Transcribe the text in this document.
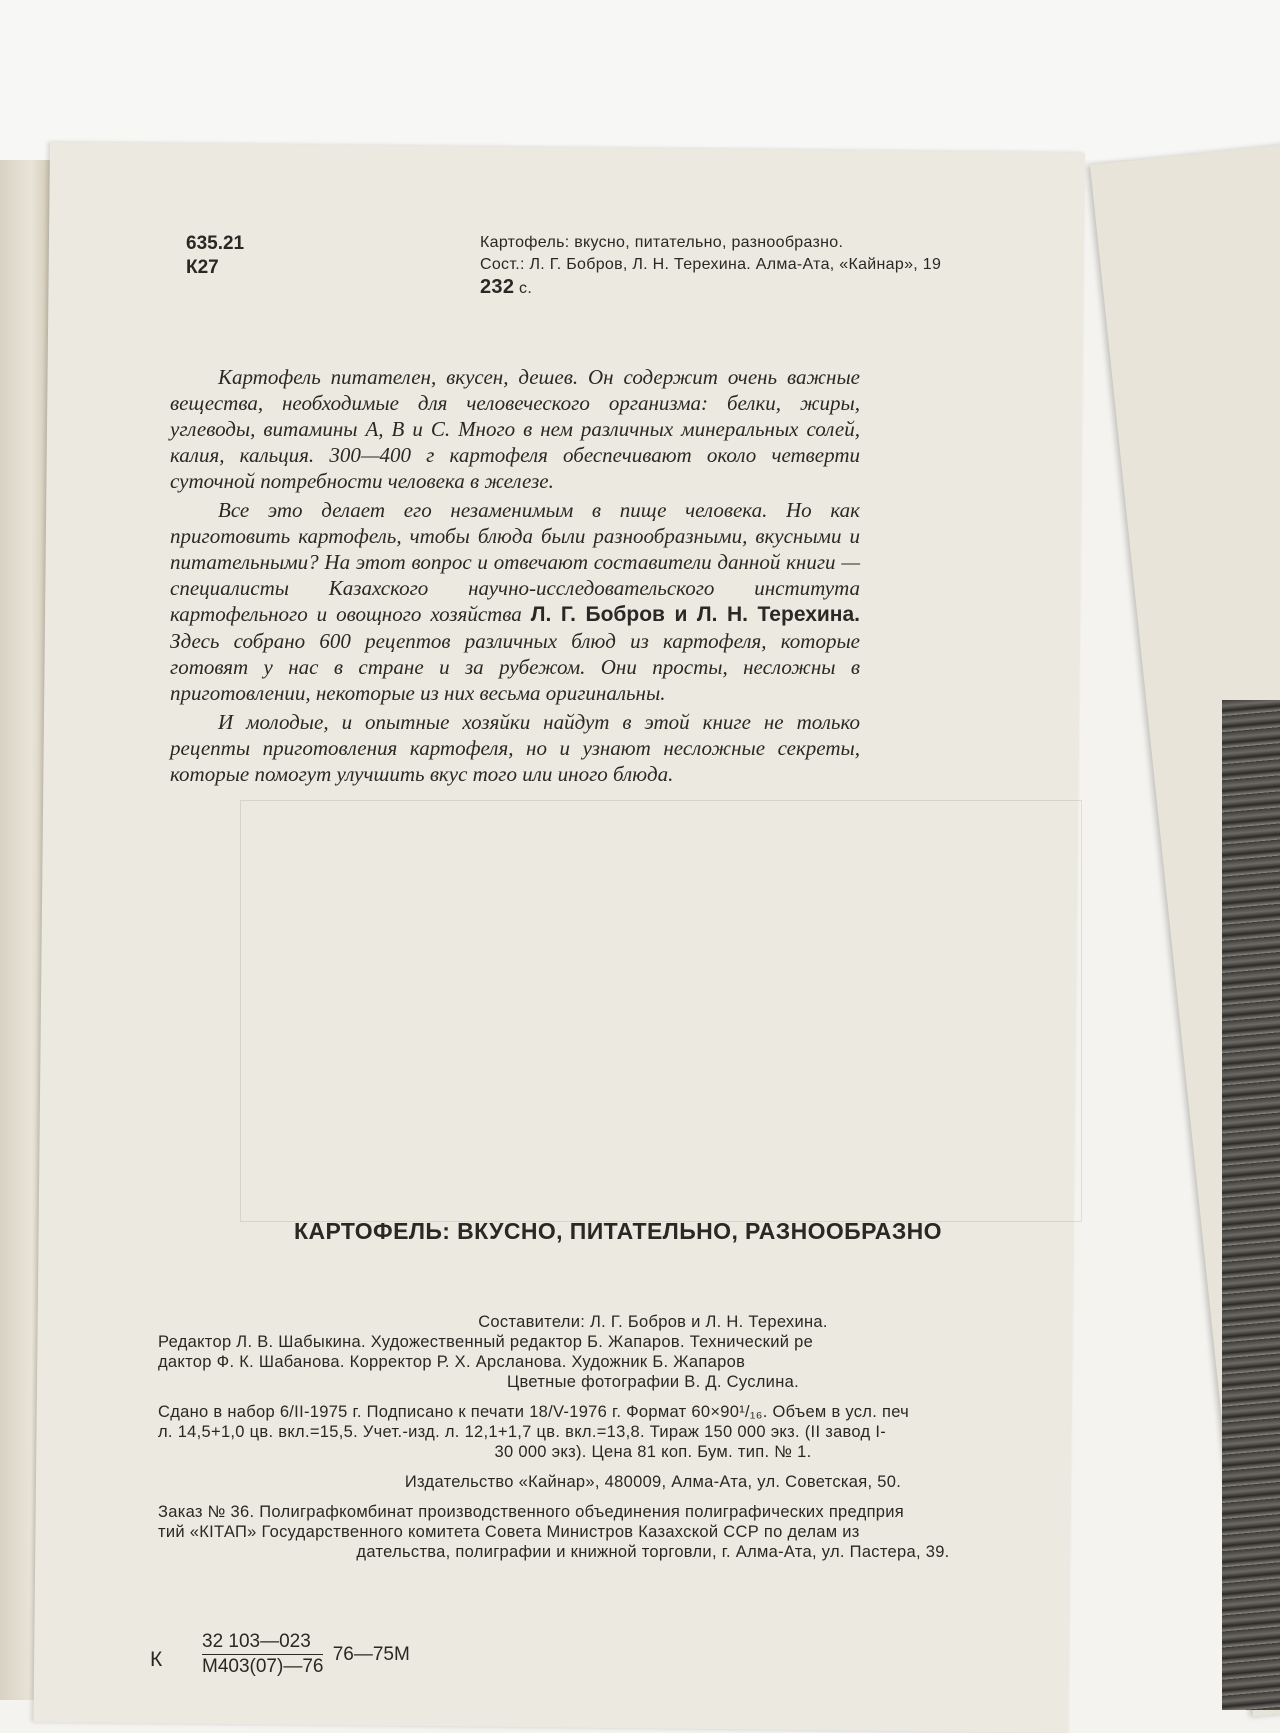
635.21
К27
Картофель: вкусно, питательно, разнообразно.
Сост.: Л. Г. Бобров, Л. Н. Терехина. Алма-Ата, «Кайнар», 19
232 с.

Картофель питателен, вкусен, дешев. Он содержит очень важные вещества, необходимые для человеческого организма: белки, жиры, углеводы, витамины А, В и С. Много в нем различных минеральных солей, калия, кальция. 300—400 г картофеля обеспечивают около четверти суточной потребности человека в железе.

Все это делает его незаменимым в пище человека. Но как приготовить картофель, чтобы блюда были разнообразными, вкусными и питательными? На этот вопрос и отвечают составители данной книги — специалисты Казахского научно-исследовательского института картофельного и овощного хозяйства Л. Г. Бобров и Л. Н. Терехина. Здесь собрано 600 рецептов различных блюд из картофеля, которые готовят у нас в стране и за рубежом. Они просты, несложны в приготовлении, некоторые из них весьма оригинальны.

И молодые, и опытные хозяйки найдут в этой книге не только рецепты приготовления картофеля, но и узнают несложные секреты, которые помогут улучшить вкус того или иного блюда.

КАРТОФЕЛЬ: ВКУСНО, ПИТАТЕЛЬНО, РАЗНООБРАЗНО
Составители: Л. Г. Бобров и Л. Н. Терехина.
Редактор Л. В. Шабыкина. Художественный редактор Б. Жапаров. Технический ре
дактор Ф. К. Шабанова. Корректор Р. Х. Арсланова. Художник Б. Жапаров
Цветные фотографии В. Д. Суслина.
Сдано в набор 6/II-1975 г. Подписано к печати 18/V-1976 г. Формат 60×90¹/₁₆. Объем в усл. печ
л. 14,5+1,0 цв. вкл.=15,5. Учет.-изд. л. 12,1+1,7 цв. вкл.=13,8. Тираж 150 000 экз. (II завод I-
30 000 экз). Цена 81 коп. Бум. тип. № 1.
Издательство «Кайнар», 480009, Алма-Ата, ул. Советская, 50.
Заказ № 36. Полиграфкомбинат производственного объединения полиграфических предприя
тий «КІТАП» Государственного комитета Совета Министров Казахской ССР по делам из
дательства, полиграфии и книжной торговли, г. Алма-Ата, ул. Пастера, 39.
К $\frac{32 103—023}{М403(07)—76}$ 76—75М
